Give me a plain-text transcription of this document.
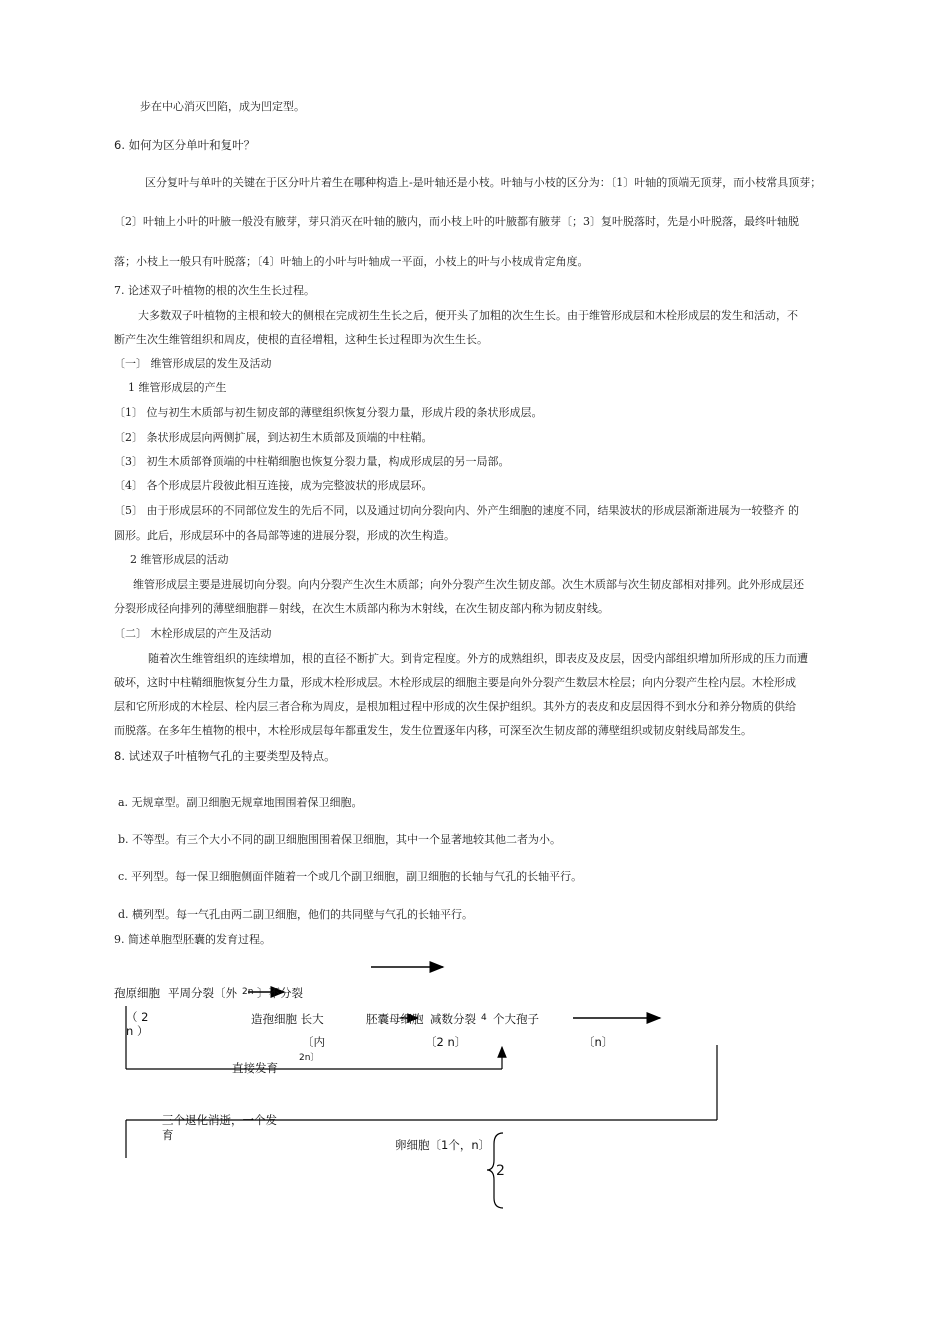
步在中心消灭凹陷，成为凹定型。
6. 如何为区分单叶和复叶？
区分复叶与单叶的关键在于区分叶片着生在哪种构造上-是叶轴还是小枝。叶轴与小枝的区分为：〔1〕叶轴的顶端无顶芽，而小枝常具顶芽；
〔2〕叶轴上小叶的叶腋一般没有腋芽，芽只消灭在叶轴的腋内，而小枝上叶的叶腋都有腋芽〔；3〕复叶脱落时，先是小叶脱落，最终叶轴脱
落；小枝上一般只有叶脱落；〔4〕叶轴上的小叶与叶轴成一平面，小枝上的叶与小枝成肯定角度。
7. 论述双子叶植物的根的次生生长过程。
大多数双子叶植物的主根和较大的侧根在完成初生生长之后，便开头了加粗的次生生长。由于维管形成层和木栓形成层的发生和活动，不
断产生次生维管组织和周皮，使根的直径增粗，这种生长过程即为次生生长。
〔一〕 维管形成层的发生及活动
1 维管形成层的产生
〔1〕 位与初生木质部与初生韧皮部的薄壁组织恢复分裂力量，形成片段的条状形成层。
〔2〕 条状形成层向两侧扩展，到达初生木质部及顶端的中柱鞘。
〔3〕 初生木质部脊顶端的中柱鞘细胞也恢复分裂力量，构成形成层的另一局部。
〔4〕 各个形成层片段彼此相互连接，成为完整波状的形成层环。
〔5〕 由于形成层环的不同部位发生的先后不同，以及通过切向分裂向内、外产生细胞的速度不同，结果波状的形成层渐渐进展为一较整齐 的
圆形。此后，形成层环中的各局部等速的进展分裂，形成的次生构造。
2 维管形成层的活动
维管形成层主要是进展切向分裂。向内分裂产生次生木质部；向外分裂产生次生韧皮部。次生木质部与次生韧皮部相对排列。此外形成层还
分裂形成径向排列的薄壁细胞群－射线，在次生木质部内称为木射线，在次生韧皮部内称为韧皮射线。
〔二〕 木栓形成层的产生及活动
随着次生维管组织的连续增加，根的直径不断扩大。到肯定程度。外方的成熟组织，即表皮及皮层，因受内部组织增加所形成的压力而遭
破坏，这时中柱鞘细胞恢复分生力量，形成木栓形成层。木栓形成层的细胞主要是向外分裂产生数层木栓层；向内分裂产生栓内层。木栓形成
层和它所形成的木栓层、栓内层三者合称为周皮，是根加粗过程中形成的次生保护组织。其外方的表皮和皮层因得不到水分和养分物质的供给
而脱落。在多年生植物的根中，木栓形成层每年都重发生，发生位置逐年内移，可深至次生韧皮部的薄壁组织或韧皮射线局部发生。
8. 试述双子叶植物气孔的主要类型及特点。
a. 无规章型。副卫细胞无规章地围围着保卫细胞。
b. 不等型。有三个大小不同的副卫细胞围围着保卫细胞，其中一个显著地较其他二者为小。
c. 平列型。每一保卫细胞侧面伴随着一个或几个副卫细胞，副卫细胞的长轴与气孔的长轴平行。
d. 横列型。每一气孔由两二副卫细胞，他们的共同壁与气孔的长轴平行。
9. 简述单胞型胚囊的发育过程。
孢原细胞 平周分裂〔外 2n 〕不分裂
（ 2
n ）
造孢细胞 长大
〔内
2n〕
胚囊母细胞 减数分裂 4 个大孢子
〔2 n〕	〔n〕
直接发育
三个退化消逝，一个发
育
卵细胞〔1个，n〕
2
